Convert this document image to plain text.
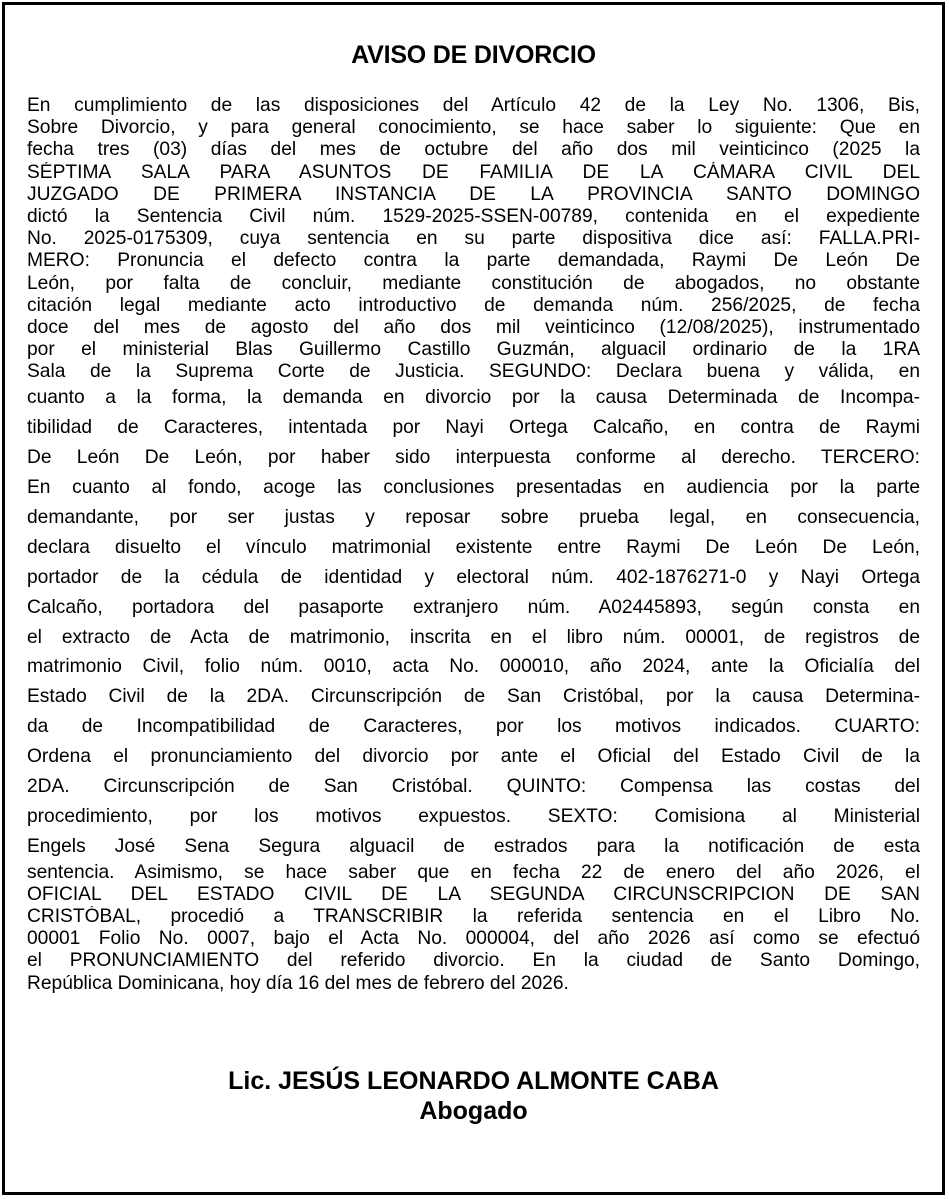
AVISO DE DIVORCIO
En cumplimiento de las disposiciones del Artículo 42 de la Ley No. 1306, Bis,
Sobre Divorcio, y para general conocimiento, se hace saber lo siguiente: Que en
fecha tres (03) días del mes de octubre del año dos mil veinticinco (2025 la
SÉPTIMA SALA PARA ASUNTOS DE FAMILIA DE LA CÁMARA CIVIL DEL
JUZGADO DE PRIMERA INSTANCIA DE LA PROVINCIA SANTO DOMINGO
dictó la Sentencia Civil núm. 1529-2025-SSEN-00789, contenida en el expediente
No. 2025-0175309, cuya sentencia en su parte dispositiva dice así: FALLA.PRI-
MERO: Pronuncia el defecto contra la parte demandada, Raymi De León De
León, por falta de concluir, mediante constitución de abogados, no obstante
citación legal mediante acto introductivo de demanda núm. 256/2025, de fecha
doce del mes de agosto del año dos mil veinticinco (12/08/2025), instrumentado
por el ministerial Blas Guillermo Castillo Guzmán, alguacil ordinario de la 1RA
Sala de la Suprema Corte de Justicia. SEGUNDO: Declara buena y válida, en
cuanto a la forma, la demanda en divorcio por la causa Determinada de Incompa-
tibilidad de Caracteres, intentada por Nayi Ortega Calcaño, en contra de Raymi
De León De León, por haber sido interpuesta conforme al derecho. TERCERO:
En cuanto al fondo, acoge las conclusiones presentadas en audiencia por la parte
demandante, por ser justas y reposar sobre prueba legal, en consecuencia,
declara disuelto el vínculo matrimonial existente entre Raymi De León De León,
portador de la cédula de identidad y electoral núm. 402-1876271-0 y Nayi Ortega
Calcaño, portadora del pasaporte extranjero núm. A02445893, según consta en
el extracto de Acta de matrimonio, inscrita en el libro núm. 00001, de registros de
matrimonio Civil, folio núm. 0010, acta No. 000010, año 2024, ante la Oficialía del
Estado Civil de la 2DA. Circunscripción de San Cristóbal, por la causa Determina-
da de Incompatibilidad de Caracteres, por los motivos indicados. CUARTO:
Ordena el pronunciamiento del divorcio por ante el Oficial del Estado Civil de la
2DA. Circunscripción de San Cristóbal. QUINTO: Compensa las costas del
procedimiento, por los motivos expuestos. SEXTO: Comisiona al Ministerial
Engels José Sena Segura alguacil de estrados para la notificación de esta
sentencia. Asimismo, se hace saber que en fecha 22 de enero del año 2026, el
OFICIAL DEL ESTADO CIVIL DE LA SEGUNDA CIRCUNSCRIPCION DE SAN
CRISTÓBAL, procedió a TRANSCRIBIR la referida sentencia en el Libro No.
00001 Folio No. 0007, bajo el Acta No. 000004, del año 2026 así como se efectuó
el PRONUNCIAMIENTO del referido divorcio. En la ciudad de Santo Domingo,
República Dominicana, hoy día 16 del mes de febrero del 2026.

Lic. JESÚS LEONARDO ALMONTE CABA

Abogado
